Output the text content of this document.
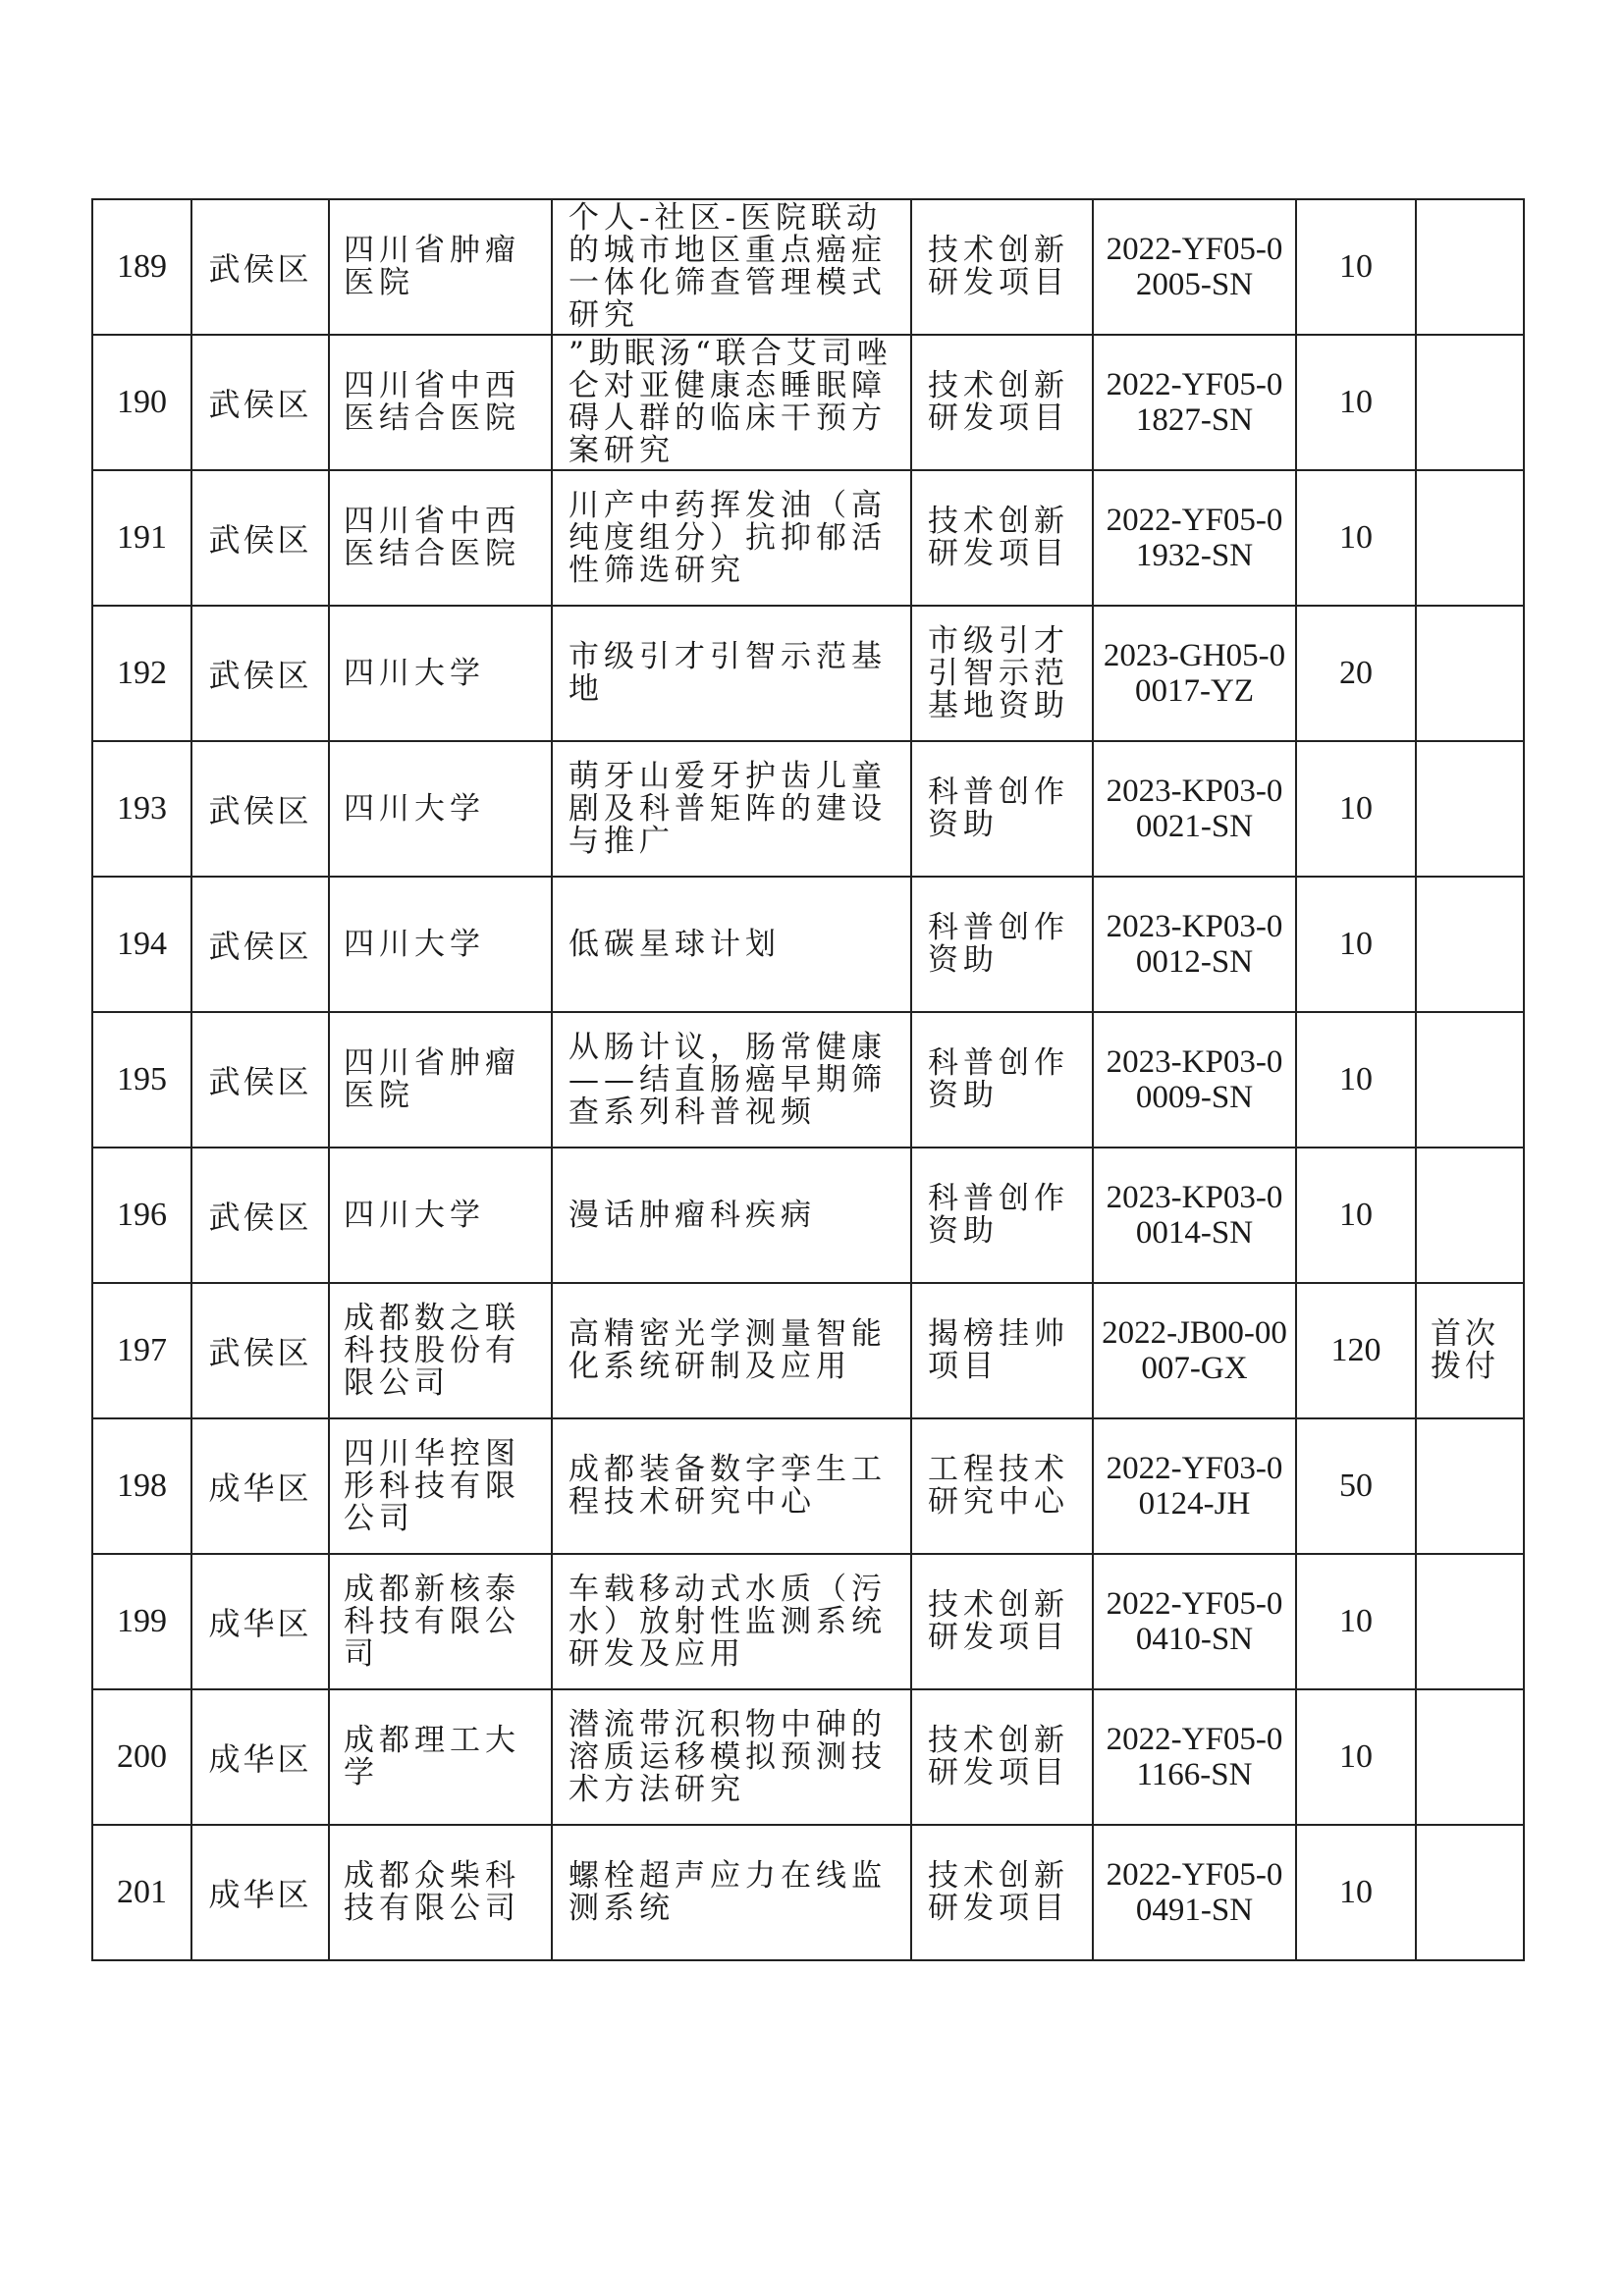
189	武侯区	四川省肿瘤医院	个人-社区-医院联动的城市地区重点癌症一体化筛查管理模式研究	技术创新研发项目	2022-YF05-02005-SN	10	
190	武侯区	四川省中西医结合医院	”助眠汤“联合艾司唑仑对亚健康态睡眠障碍人群的临床干预方案研究	技术创新研发项目	2022-YF05-01827-SN	10	
191	武侯区	四川省中西医结合医院	川产中药挥发油（高纯度组分）抗抑郁活性筛选研究	技术创新研发项目	2022-YF05-01932-SN	10	
192	武侯区	四川大学	市级引才引智示范基地	市级引才引智示范基地资助	2023-GH05-00017-YZ	20	
193	武侯区	四川大学	萌牙山爱牙护齿儿童剧及科普矩阵的建设与推广	科普创作资助	2023-KP03-00021-SN	10	
194	武侯区	四川大学	低碳星球计划	科普创作资助	2023-KP03-00012-SN	10	
195	武侯区	四川省肿瘤医院	从肠计议，肠常健康——结直肠癌早期筛查系列科普视频	科普创作资助	2023-KP03-00009-SN	10	
196	武侯区	四川大学	漫话肿瘤科疾病	科普创作资助	2023-KP03-00014-SN	10	
197	武侯区	成都数之联科技股份有限公司	高精密光学测量智能化系统研制及应用	揭榜挂帅项目	2022-JB00-00007-GX	120	首次拨付
198	成华区	四川华控图形科技有限公司	成都装备数字孪生工程技术研究中心	工程技术研究中心	2022-YF03-00124-JH	50	
199	成华区	成都新核泰科技有限公司	车载移动式水质（污水）放射性监测系统研发及应用	技术创新研发项目	2022-YF05-00410-SN	10	
200	成华区	成都理工大学	潜流带沉积物中砷的溶质运移模拟预测技术方法研究	技术创新研发项目	2022-YF05-01166-SN	10	
201	成华区	成都众柴科技有限公司	螺栓超声应力在线监测系统	技术创新研发项目	2022-YF05-00491-SN	10	
